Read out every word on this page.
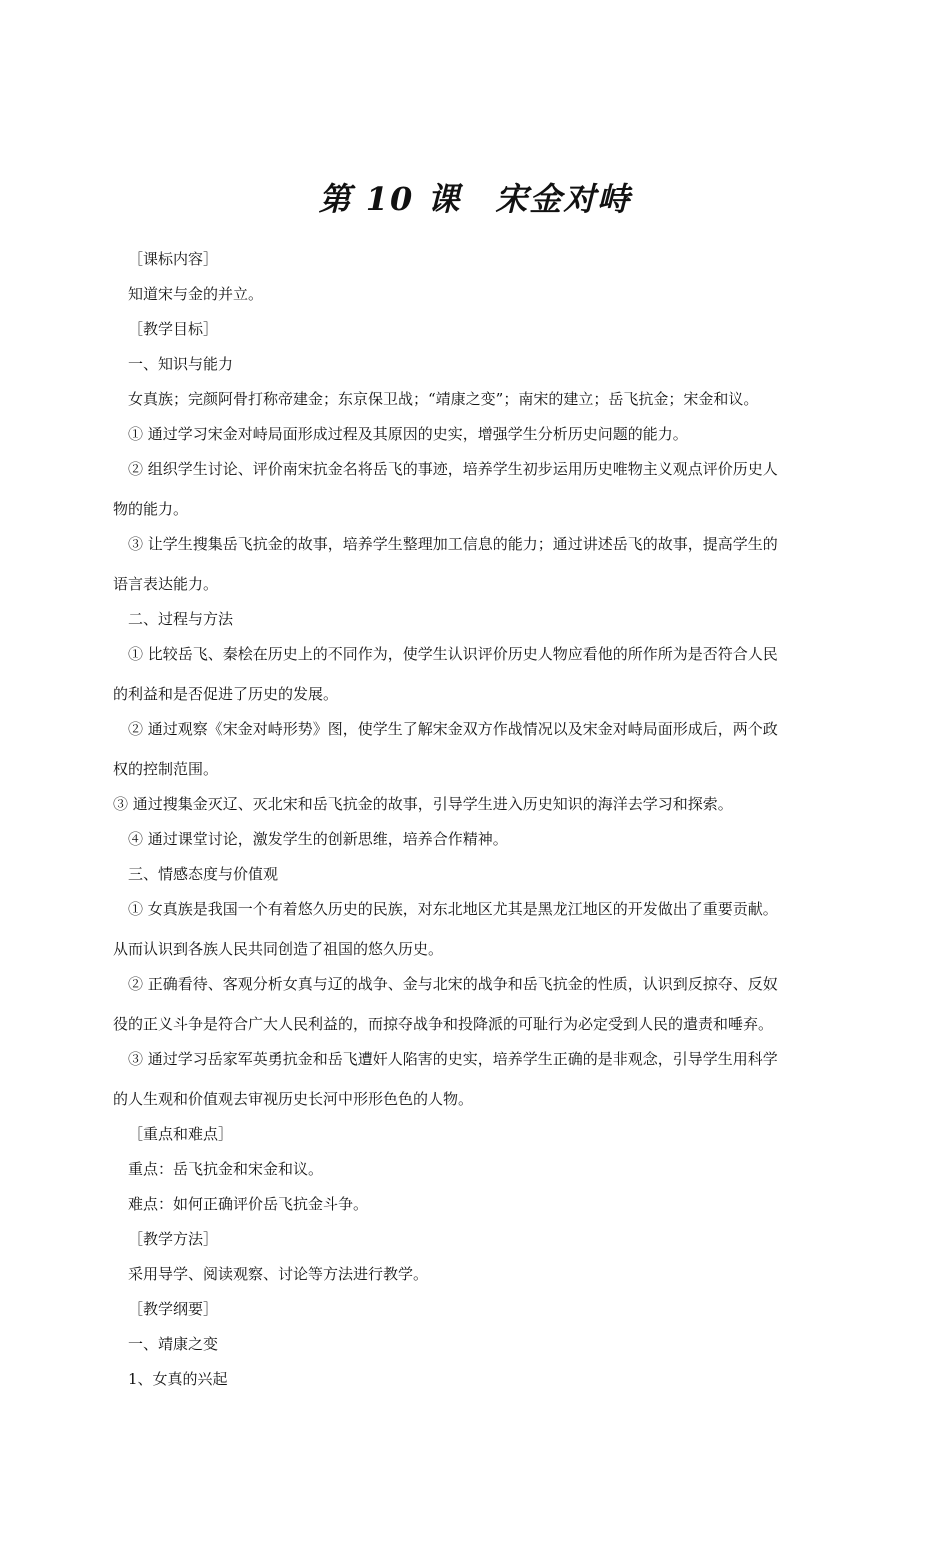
第 10 课　宋金对峙
［课标内容］
知道宋与金的并立。
［教学目标］
一、知识与能力
女真族；完颜阿骨打称帝建金；东京保卫战；“靖康之变”；南宋的建立；岳飞抗金；宋金和议。
① 通过学习宋金对峙局面形成过程及其原因的史实，增强学生分析历史问题的能力。
② 组织学生讨论、评价南宋抗金名将岳飞的事迹，培养学生初步运用历史唯物主义观点评价历史人
物的能力。
③ 让学生搜集岳飞抗金的故事，培养学生整理加工信息的能力；通过讲述岳飞的故事，提高学生的
语言表达能力。
二、过程与方法
① 比较岳飞、秦桧在历史上的不同作为，使学生认识评价历史人物应看他的所作所为是否符合人民
的利益和是否促进了历史的发展。
② 通过观察《宋金对峙形势》图，使学生了解宋金双方作战情况以及宋金对峙局面形成后，两个政
权的控制范围。
③ 通过搜集金灭辽、灭北宋和岳飞抗金的故事，引导学生进入历史知识的海洋去学习和探索。
④ 通过课堂讨论，激发学生的创新思维，培养合作精神。
三、情感态度与价值观
① 女真族是我国一个有着悠久历史的民族，对东北地区尤其是黑龙江地区的开发做出了重要贡献。
从而认识到各族人民共同创造了祖国的悠久历史。
② 正确看待、客观分析女真与辽的战争、金与北宋的战争和岳飞抗金的性质，认识到反掠夺、反奴
役的正义斗争是符合广大人民利益的，而掠夺战争和投降派的可耻行为必定受到人民的遣责和唾弃。
③ 通过学习岳家军英勇抗金和岳飞遭奸人陷害的史实，培养学生正确的是非观念，引导学生用科学
的人生观和价值观去审视历史长河中形形色色的人物。
［重点和难点］
重点：岳飞抗金和宋金和议。
难点：如何正确评价岳飞抗金斗争。
［教学方法］
采用导学、阅读观察、讨论等方法进行教学。
［教学纲要］
一、靖康之变
1、女真的兴起
